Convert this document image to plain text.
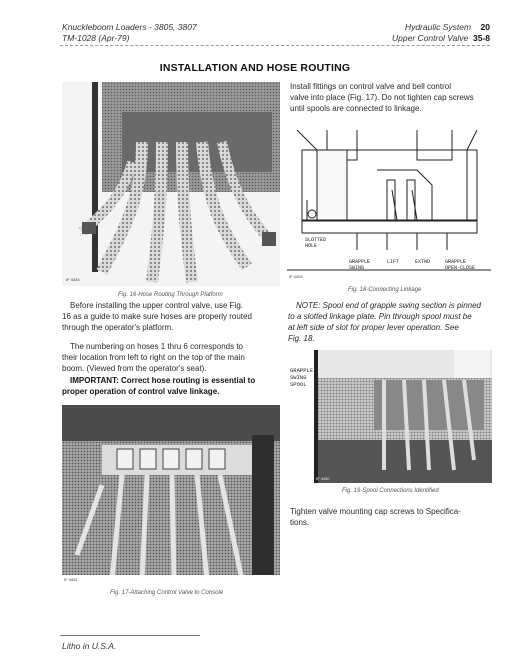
Knuckleboom Loaders - 3805, 3807
TM-1028 (Apr-79)
Hydraulic System 20
Upper Control Valve 35-8
INSTALLATION AND HOSE ROUTING
Install fittings on control valve and bell control
valve into place (Fig. 17). Do not tighten cap screws
until spools are connected to linkage.
IF 4434
Fig. 16-Hose Routing Through Platform
SLOTTED
HOLE
GRAPPLE
SWING
LIFT	EXTND	GRAPPLE
OPEN-CLOSE
IF 4429
Fig. 18-Connecting Linkage
Before installing the upper control valve, use Fig.
16 as a guide to make sure hoses are properly routed
through the operator's platform.
The numbering on hoses 1 thru 6 corresponds to
their location from left to right on the top of the main
boom. (Viewed from the operator's seat).
IMPORTANT: Correct hose routing is essential to
proper operation of control valve linkage.
NOTE: Spool end of grapple swing section is pinned
to a slotted linkage plate. Pin through spool must be
at left side of slot for proper lever operation. See
Fig. 18.
IF 4430
GRAPPLE
SWING
SPOOL
Fig. 19-Spool Connections Identified
Tighten valve mounting cap screws to Specifica-
tions.
IF 4431
Fig. 17-Attaching Control Valve to Console
Litho in U.S.A.
